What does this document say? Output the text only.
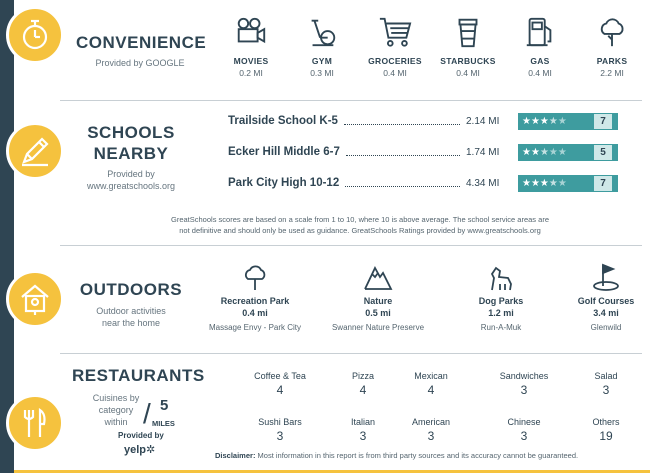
CONVENIENCE
Provided by GOOGLE	MOVIES
0.2 MI
GYM
0.3 MI
GROCERIES
0.4 MI
STARBUCKS
0.4 MI
GAS
0.4 MI
PARKS
2.2 MI
SCHOOLS
NEARBY
Provided by
www.greatschools.org
Trailside School K-5	2.14 MI ★★★★★	7
Ecker Hill Middle 6-7	1.74 MI ★★★★★	5
Park City High 10-12	4.34 MI ★★★★★	7
GreatSchools scores are based on a scale from 1 to 10, where 10 is above average. The school service areas are
not definitive and should only be used as guidance. GreatSchools Ratings provided by www.greatschools.org
OUTDOORS
Outdoor activities
near the home
Recreation Park
0.4 mi
Massage Envy - Park City
Nature
0.5 mi
Swanner Nature Preserve
Dog Parks
1.2 mi
Run-A-Muk
Golf Courses
3.4 mi
Glenwild
RESTAURANTS
Cuisines by
category
within / 5
MILES
Provided by
yelp✲
Coffee & Tea
4
Pizza
4
Mexican
4
Sandwiches
3
Salad
3
Sushi Bars
3
Italian
3
American
3
Chinese
3
Others
19
Disclaimer: Most information in this report is from third party sources and its accuracy cannot be guaranteed.
